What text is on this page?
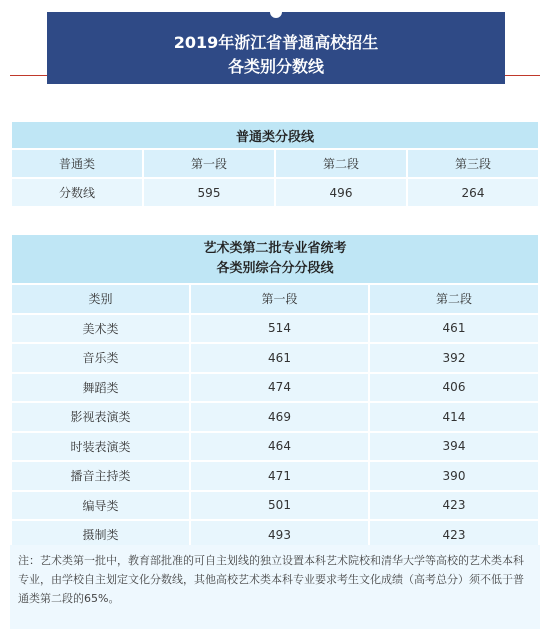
2019年浙江省普通高校招生
各类别分数线
普通类分段线			
普通类	第一段	第二段	第三段
分数线	595	496	264
艺术类第二批专业省统考
各类别综合分分段线		
类别	第一段	第二段
美术类	514	461
音乐类	461	392
舞蹈类	474	406
影视表演类	469	414
时装表演类	464	394
播音主持类	471	390
编导类	501	423
摄制类	493	423
注：艺术类第一批中，教育部批准的可自主划线的独立设置本科艺术院校和清华大学等高校的艺术类本科专业，由学校自主划定文化分数线，其他高校艺术类本科专业要求考生文化成绩（高考总分）须不低于普通类第二段的65%。
